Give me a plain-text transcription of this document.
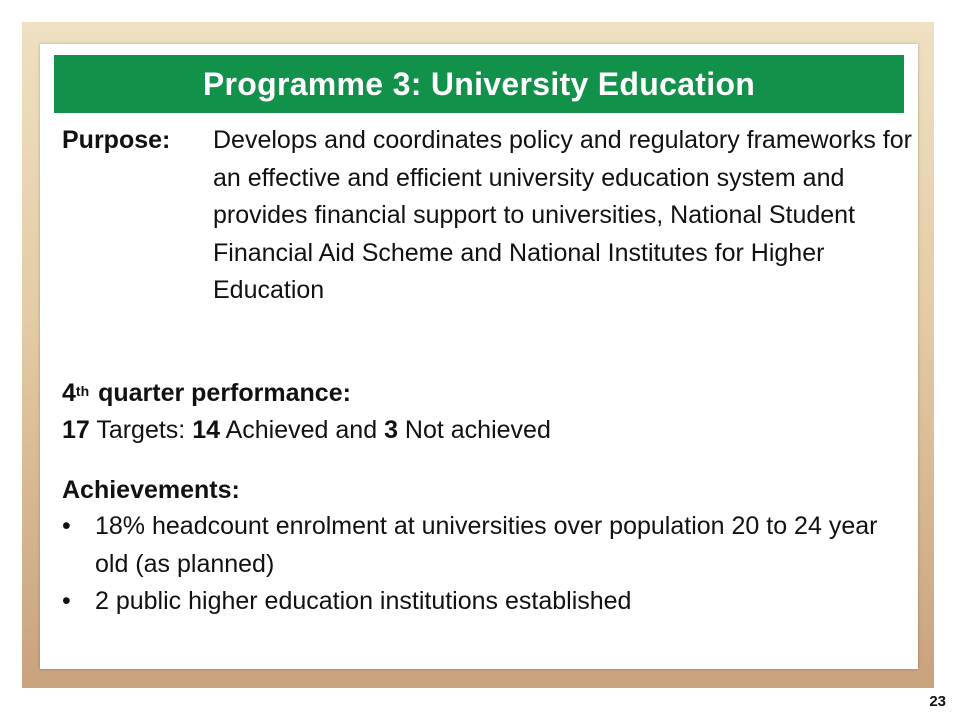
Programme 3: University Education
Purpose: Develops and coordinates policy and regulatory frameworks for an effective and efficient university education system and provides financial support to universities, National Student Financial Aid Scheme and National Institutes for Higher Education
4th quarter performance:
17 Targets: 14 Achieved and 3 Not achieved
Achievements:
• 18% headcount enrolment at universities over population 20 to 24 year old (as planned)
• 2 public higher education institutions established
23
